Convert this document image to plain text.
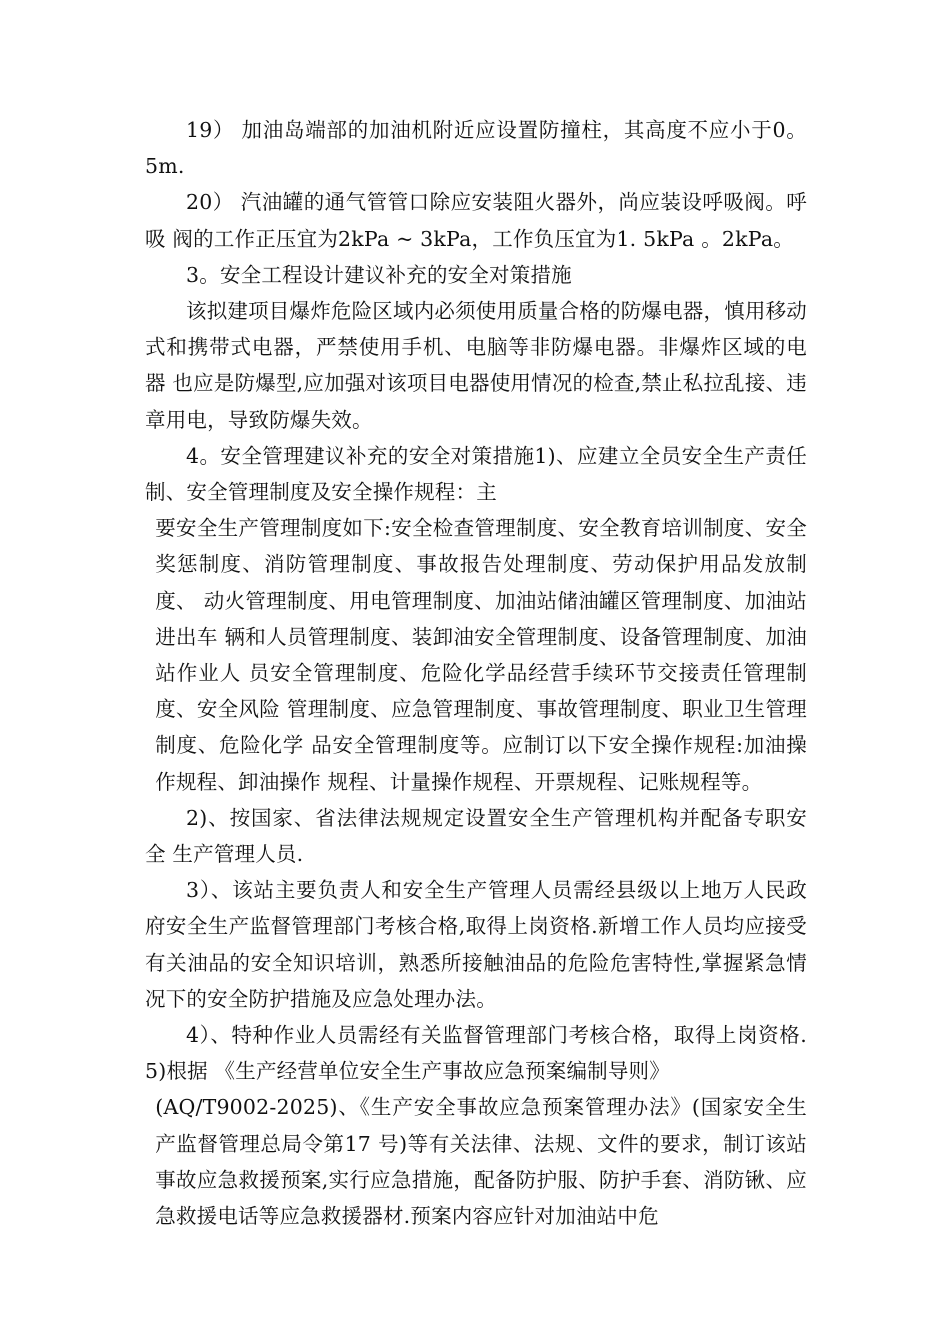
19） 加油岛端部的加油机附近应设置防撞柱，其高度不应小于0。 5m.

20） 汽油罐的通气管管口除应安装阻火器外，尚应装设呼吸阀。呼吸 阀的工作正压宜为2kPa ~ 3kPa，工作负压宜为1. 5kPa 。2kPa。

3。安全工程设计建议补充的安全对策措施

该拟建项目爆炸危险区域内必须使用质量合格的防爆电器，慎用移动 式和携带式电器，严禁使用手机、电脑等非防爆电器。非爆炸区域的电器 也应是防爆型,应加强对该项目电器使用情况的检查,禁止私拉乱接、违 章用电，导致防爆失效。

4。安全管理建议补充的安全对策措施1)、应建立全员安全生产责任制、安全管理制度及安全操作规程：主

要安全生产管理制度如下:安全检查管理制度、安全教育培训制度、安全 奖惩制度、消防管理制度、事故报告处理制度、劳动保护用品发放制度、 动火管理制度、用电管理制度、加油站储油罐区管理制度、加油站进出车 辆和人员管理制度、装卸油安全管理制度、设备管理制度、加油站作业人 员安全管理制度、危险化学品经营手续环节交接责任管理制度、安全风险 管理制度、应急管理制度、事故管理制度、职业卫生管理制度、危险化学 品安全管理制度等。应制订以下安全操作规程:加油操作规程、卸油操作 规程、计量操作规程、开票规程、记账规程等。

2)、按国家、省法律法规规定设置安全生产管理机构并配备专职安全 生产管理人员.

3）、该站主要负责人和安全生产管理人员需经县级以上地万人民政府安全生产监督管理部门考核合格,取得上岗资格.新增工作人员均应接受有关油品的安全知识培训，熟悉所接触油品的危险危害特性,掌握紧急情况下的安全防护措施及应急处理办法。

4）、特种作业人员需经有关监督管理部门考核合格，取得上岗资格.　　 5)根据 《生产经营单位安全生产事故应急预案编制导则》

(AQ/T9002-2025)、《生产安全事故应急预案管理办法》(国家安全生产监督管理总局令第17 号)等有关法律、法规、文件的要求，制订该站事故应急救援预案,实行应急措施，配备防护服、防护手套、消防锹、应急救援电话等应急救援器材.预案内容应针对加油站中危
